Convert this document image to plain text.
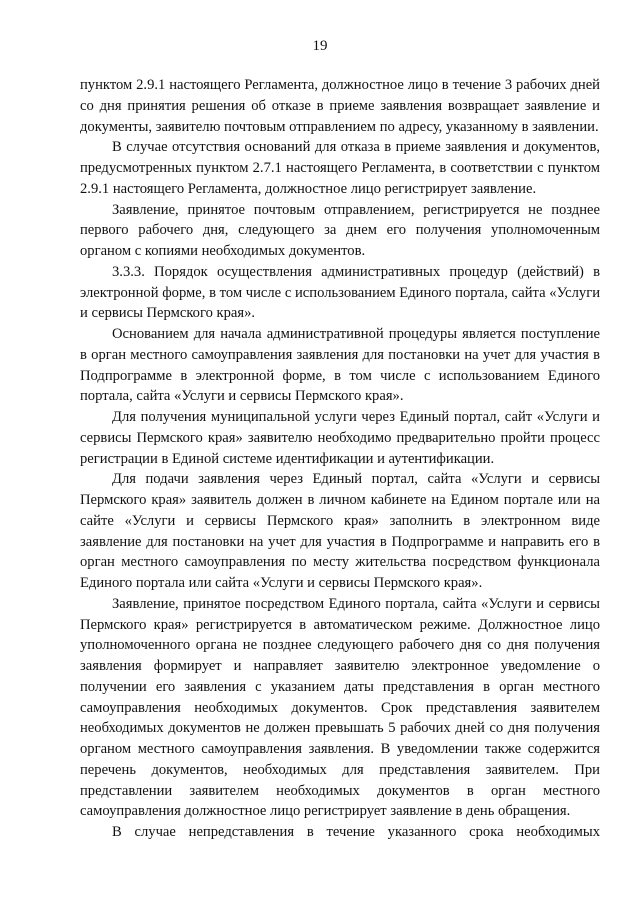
19

пунктом 2.9.1 настоящего Регламента, должностное лицо в течение 3 рабочих дней со дня принятия решения об отказе в приеме заявления возвращает заявление и документы, заявителю почтовым отправлением по адресу, указанному в заявлении.

В случае отсутствия оснований для отказа в приеме заявления и документов, предусмотренных пунктом 2.7.1 настоящего Регламента, в соответствии с пунктом 2.9.1 настоящего Регламента, должностное лицо регистрирует заявление.

Заявление, принятое почтовым отправлением, регистрируется не позднее первого рабочего дня, следующего за днем его получения уполномоченным органом с копиями необходимых документов.

3.3.3. Порядок осуществления административных процедур (действий) в электронной форме, в том числе с использованием Единого портала, сайта «Услуги и сервисы Пермского края».

Основанием для начала административной процедуры является поступление в орган местного самоуправления заявления для постановки на учет для участия в Подпрограмме в электронной форме, в том числе с использованием Единого портала, сайта «Услуги и сервисы Пермского края».

Для получения муниципальной услуги через Единый портал, сайт «Услуги и сервисы Пермского края» заявителю необходимо предварительно пройти процесс регистрации в Единой системе идентификации и аутентификации.

Для подачи заявления через Единый портал, сайта «Услуги и сервисы Пермского края» заявитель должен в личном кабинете на Едином портале или на сайте «Услуги и сервисы Пермского края» заполнить в электронном виде заявление для постановки на учет для участия в Подпрограмме и направить его в орган местного самоуправления по месту жительства посредством функционала Единого портала или сайта «Услуги и сервисы Пермского края».

Заявление, принятое посредством Единого портала, сайта «Услуги и сервисы Пермского края» регистрируется в автоматическом режиме. Должностное лицо уполномоченного органа не позднее следующего рабочего дня со дня получения заявления формирует и направляет заявителю электронное уведомление о получении его заявления с указанием даты представления в орган местного самоуправления необходимых документов. Срок представления заявителем необходимых документов не должен превышать 5 рабочих дней со дня получения органом местного самоуправления заявления. В уведомлении также содержится перечень документов, необходимых для представления заявителем. При представлении заявителем необходимых документов в орган местного самоуправления должностное лицо регистрирует заявление в день обращения.

В случае непредставления в течение указанного срока необходимых
